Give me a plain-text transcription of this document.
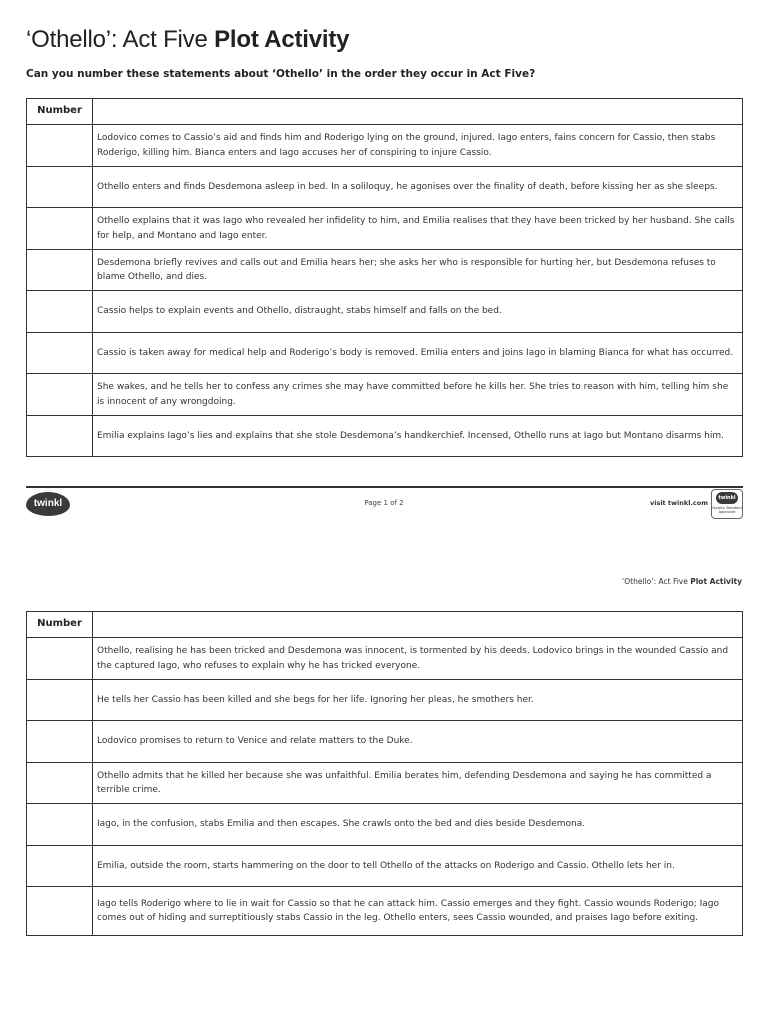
‘Othello’: Act Five Plot Activity
Can you number these statements about ‘Othello’ in the order they occur in Act Five?
Number	
	Lodovico comes to Cassio’s aid and finds him and Roderigo lying on the ground, injured. Iago enters, fains concern for Cassio, then stabs Roderigo, killing him. Bianca enters and Iago accuses her of conspiring to injure Cassio.
	Othello enters and finds Desdemona asleep in bed. In a soliloquy, he agonises over the finality of death, before kissing her as she sleeps.
	Othello explains that it was Iago who revealed her infidelity to him, and Emilia realises that they have been tricked by her husband. She calls for help, and Montano and Iago enter.
	Desdemona briefly revives and calls out and Emilia hears her; she asks her who is responsible for hurting her, but Desdemona refuses to blame Othello, and dies.
	Cassio helps to explain events and Othello, distraught, stabs himself and falls on the bed.
	Cassio is taken away for medical help and Roderigo’s body is removed. Emilia enters and joins Iago in blaming Bianca for what has occurred.
	She wakes, and he tells her to confess any crimes she may have committed before he kills her. She tries to reason with him, telling him she is innocent of any wrongdoing.
	Emilia explains Iago’s lies and explains that she stole Desdemona’s handkerchief. Incensed, Othello runs at Iago but Montano disarms him.
twinkl	Page 1 of 2	visit twinkl.com
twinkl
Quality Standard Approved
‘Othello’: Act Five Plot Activity
Number	
	Othello, realising he has been tricked and Desdemona was innocent, is tormented by his deeds. Lodovico brings in the wounded Cassio and the captured Iago, who refuses to explain why he has tricked everyone.
	He tells her Cassio has been killed and she begs for her life. Ignoring her pleas, he smothers her.
	Lodovico promises to return to Venice and relate matters to the Duke.
	Othello admits that he killed her because she was unfaithful. Emilia berates him, defending Desdemona and saying he has committed a terrible crime.
	Iago, in the confusion, stabs Emilia and then escapes. She crawls onto the bed and dies beside Desdemona.
	Emilia, outside the room, starts hammering on the door to tell Othello of the attacks on Roderigo and Cassio. Othello lets her in.
	Iago tells Roderigo where to lie in wait for Cassio so that he can attack him. Cassio emerges and they fight. Cassio wounds Roderigo; Iago comes out of hiding and surreptitiously stabs Cassio in the leg. Othello enters, sees Cassio wounded, and praises Iago before exiting.
